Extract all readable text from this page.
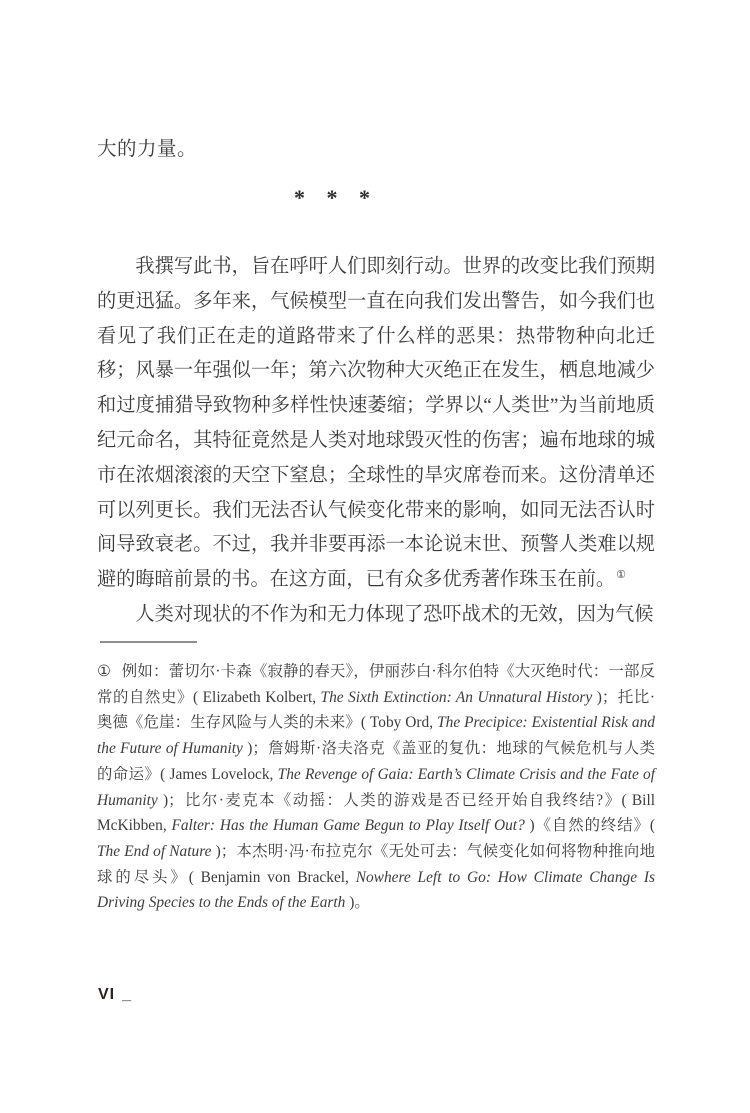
大的力量。

* * *

我撰写此书，旨在呼吁人们即刻行动。世界的改变比我们预期的更迅猛。多年来，气候模型一直在向我们发出警告，如今我们也看见了我们正在走的道路带来了什么样的恶果：热带物种向北迁移；风暴一年强似一年；第六次物种大灭绝正在发生，栖息地减少和过度捕猎导致物种多样性快速萎缩；学界以“人类世”为当前地质纪元命名，其特征竟然是人类对地球毁灭性的伤害；遍布地球的城市在浓烟滚滚的天空下窒息；全球性的旱灾席卷而来。这份清单还可以列更长。我们无法否认气候变化带来的影响，如同无法否认时间导致衰老。不过，我并非要再添一本论说末世、预警人类难以规避的晦暗前景的书。在这方面，已有众多优秀著作珠玉在前。①

人类对现状的不作为和无力体现了恐吓战术的无效，因为气候

① 例如：蕾切尔·卡森《寂静的春天》，伊丽莎白·科尔伯特《大灭绝时代：一部反常的自然史》( Elizabeth Kolbert, The Sixth Extinction: An Unnatural History )；托比·奥德《危崖：生存风险与人类的未来》( Toby Ord, The Precipice: Existential Risk and the Future of Humanity )；詹姆斯·洛夫洛克《盖亚的复仇：地球的气候危机与人类的命运》( James Lovelock, The Revenge of Gaia: Earth’s Climate Crisis and the Fate of Humanity )；比尔·麦克本《动摇：人类的游戏是否已经开始自我终结?》( Bill McKibben, Falter: Has the Human Game Begun to Play Itself Out? )《自然的终结》( The End of Nature )；本杰明·冯·布拉克尔《无处可去：气候变化如何将物种推向地球的尽头》( Benjamin von Brackel, Nowhere Left to Go: How Climate Change Is Driving Species to the Ends of the Earth )。

VI _
